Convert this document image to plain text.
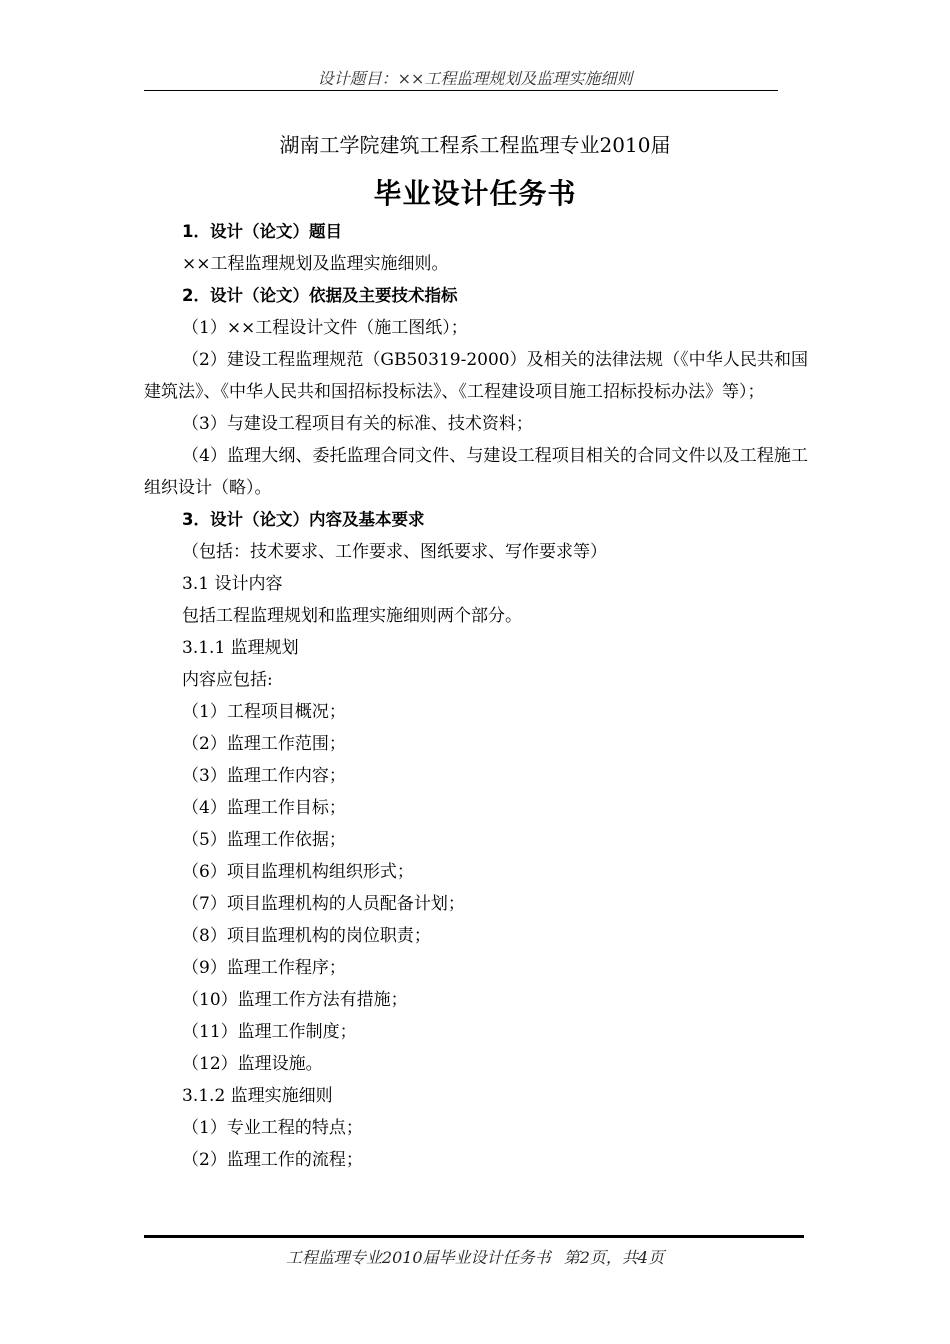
设计题目：××工程监理规划及监理实施细则
湖南工学院建筑工程系工程监理专业2010届
毕业设计任务书

1．设计（论文）题目

××工程监理规划及监理实施细则。

2．设计（论文）依据及主要技术指标

（1）××工程设计文件（施工图纸）；

（2）建设工程监理规范（GB50319-2000）及相关的法律法规（《中华人民共和国建筑法》、《中华人民共和国招标投标法》、《工程建设项目施工招标投标办法》等）；

（3）与建设工程项目有关的标准、技术资料；

（4）监理大纲、委托监理合同文件、与建设工程项目相关的合同文件以及工程施工组织设计（略）。

3．设计（论文）内容及基本要求

（包括：技术要求、工作要求、图纸要求、写作要求等）

3.1 设计内容

包括工程监理规划和监理实施细则两个部分。

3.1.1 监理规划

内容应包括:

（1）工程项目概况；

（2）监理工作范围；

（3）监理工作内容；

（4）监理工作目标；

（5）监理工作依据；

（6）项目监理机构组织形式；

（7）项目监理机构的人员配备计划；

（8）项目监理机构的岗位职责；

（9）监理工作程序；

（10）监理工作方法有措施；

（11）监理工作制度；

（12）监理设施。

3.1.2 监理实施细则

（1）专业工程的特点；

（2）监理工作的流程；

工程监理专业2010届毕业设计任务书 第2页，共4页
